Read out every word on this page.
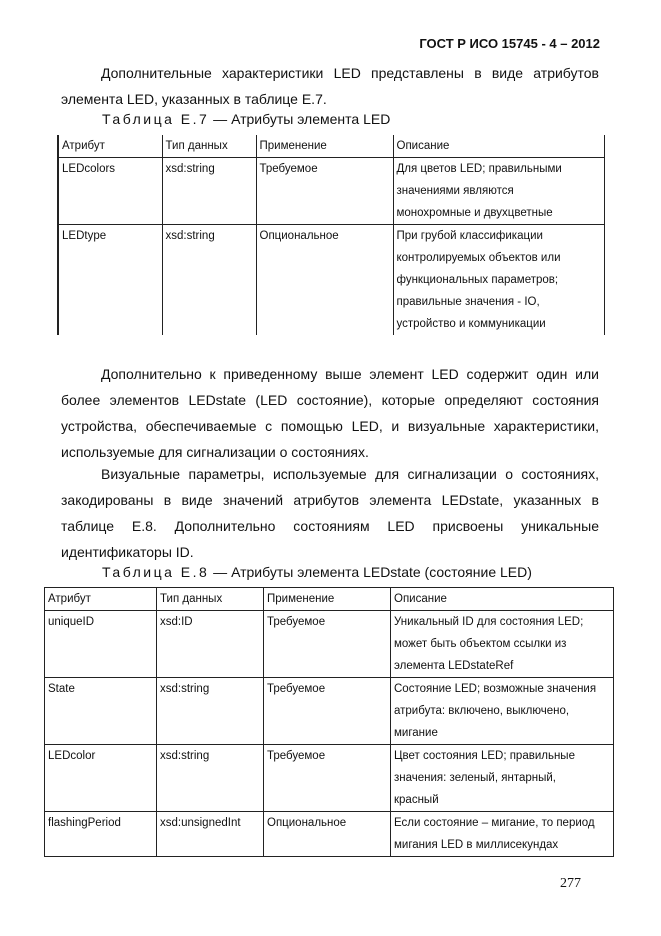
ГОСТ Р ИСО 15745 - 4 – 2012

Дополнительные характеристики LED представлены в виде атрибутов элемента LED, указанных в таблице Е.7.

Таблица Е.7 — Атрибуты элемента LED
Атрибут	Тип данных	Применение	Описание
LEDcolors	xsd:string	Требуемое	Для цветов LED; правильными
значениями являются
монохромные и двухцветные

LEDtype	xsd:string	Опциональное	При грубой классификации
контролируемых объектов или
функциональных параметров;
правильные значения - IO,
устройство и коммуникации

Дополнительно к приведенному выше элемент LED содержит один или более элементов LEDstate (LED состояние), которые определяют состояния устройства, обеспечиваемые с помощью LED, и визуальные характеристики, используемые для сигнализации о состояниях.

Визуальные параметры, используемые для сигнализации о состояниях, закодированы в виде значений атрибутов элемента LEDstate, указанных в таблице Е.8. Дополнительно состояниям LED присвоены уникальные идентификаторы ID.

Таблица Е.8 — Атрибуты элемента LEDstate (состояние LED)
Атрибут	Тип данных	Применение	Описание
uniqueID	xsd:ID	Требуемое	Уникальный ID для состояния LED;
может быть объектом ссылки из
элемента LEDstateRef

State	xsd:string	Требуемое	Состояние LED; возможные значения
атрибута: включено, выключено,
мигание

LEDcolor	xsd:string	Требуемое	Цвет состояния LED; правильные
значения: зеленый, янтарный,
красный

flashingPeriod	xsd:unsignedInt	Опциональное	Если состояние – мигание, то период
мигания LED в миллисекундах
277
